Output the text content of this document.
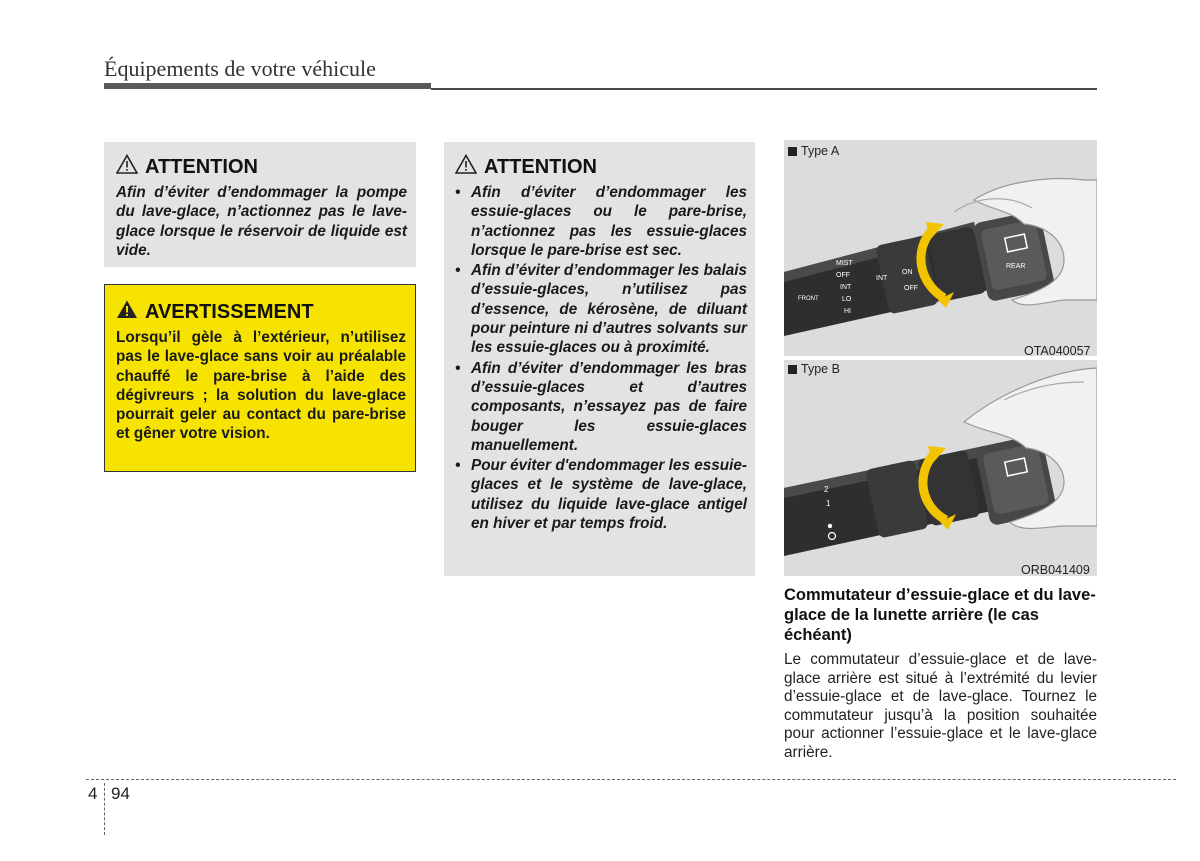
Équipements de votre véhicule
ATTENTION
Afin d’éviter d’endommager la pompe du lave-glace, n’actionnez pas le lave-glace lorsque le réservoir de liquide est vide.
AVERTISSEMENT
Lorsqu’il gèle à l’extérieur, n’utilisez pas le lave-glace sans voir au préalable chauffé le pare-brise à l’aide des dégivreurs ; la solution du lave-glace pourrait geler au contact du pare-brise et gêner votre vision.
ATTENTION
• Afin d’éviter d’endommager les essuie-glaces ou le pare-brise, n’actionnez pas les essuie-glaces lorsque le pare-brise est sec.
• Afin d’éviter d’endommager les balais d’essuie-glaces, n’utilisez pas d’essence, de kérosène, de diluant pour peinture ni d’autres solvants sur les essuie-glaces ou à proximité.
• Afin d’éviter d’endommager les bras d’essuie-glaces et d’autres composants, n’essayez pas de faire bouger les essuie-glaces manuellement.
• Pour éviter d'endommager les essuie-glaces et le système de lave-glace, utilisez du liquide lave-glace antigel en hiver et par temps froid.
REAR
MIST
OFF
INT
LO
HI
FRONT
INT
ON
OFF
Type A
OTA040057
2
1
Type B
ORB041409
Commutateur d’essuie-glace et du lave-glace de la lunette arrière (le cas échéant)
Le commutateur d’essuie-glace et de lave-glace arrière est situé à l’extrémité du levier d’essuie-glace et de lave-glace. Tournez le commutateur jusqu’à la position souhaitée pour actionner l’essuie-glace et le lave-glace arrière.
4 94
